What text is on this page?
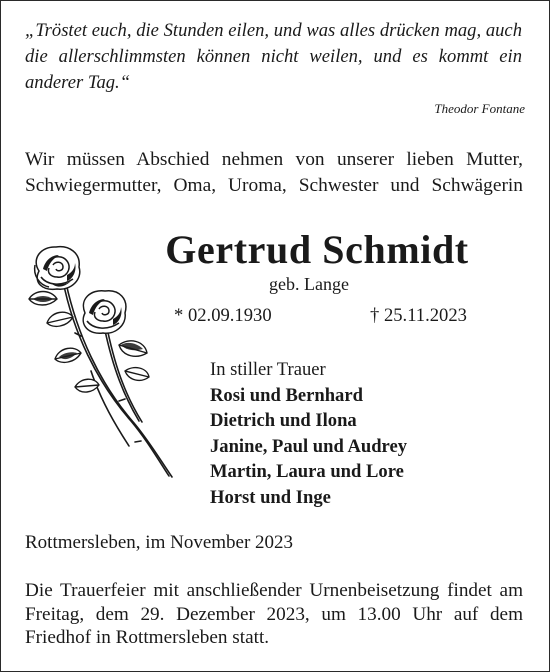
„Tröstet euch, die Stunden eilen, und was alles drücken mag, auch die allerschlimmsten können nicht weilen, und es kommt ein anderer Tag.“
Theodor Fontane
Wir müssen Abschied nehmen von unserer lieben Mutter, Schwiegermutter, Oma, Uroma, Schwester und Schwägerin
Gertrud Schmidt
geb. Lange
* 02.09.1930	† 25.11.2023
In stiller Trauer
Rosi und Bernhard
Dietrich und Ilona
Janine, Paul und Audrey
Martin, Laura und Lore
Horst und Inge
Rottmersleben, im November 2023
Die Trauerfeier mit anschließender Urnenbeisetzung findet am Freitag, dem 29. Dezember 2023, um 13.00 Uhr auf dem Friedhof in Rottmersleben statt.
